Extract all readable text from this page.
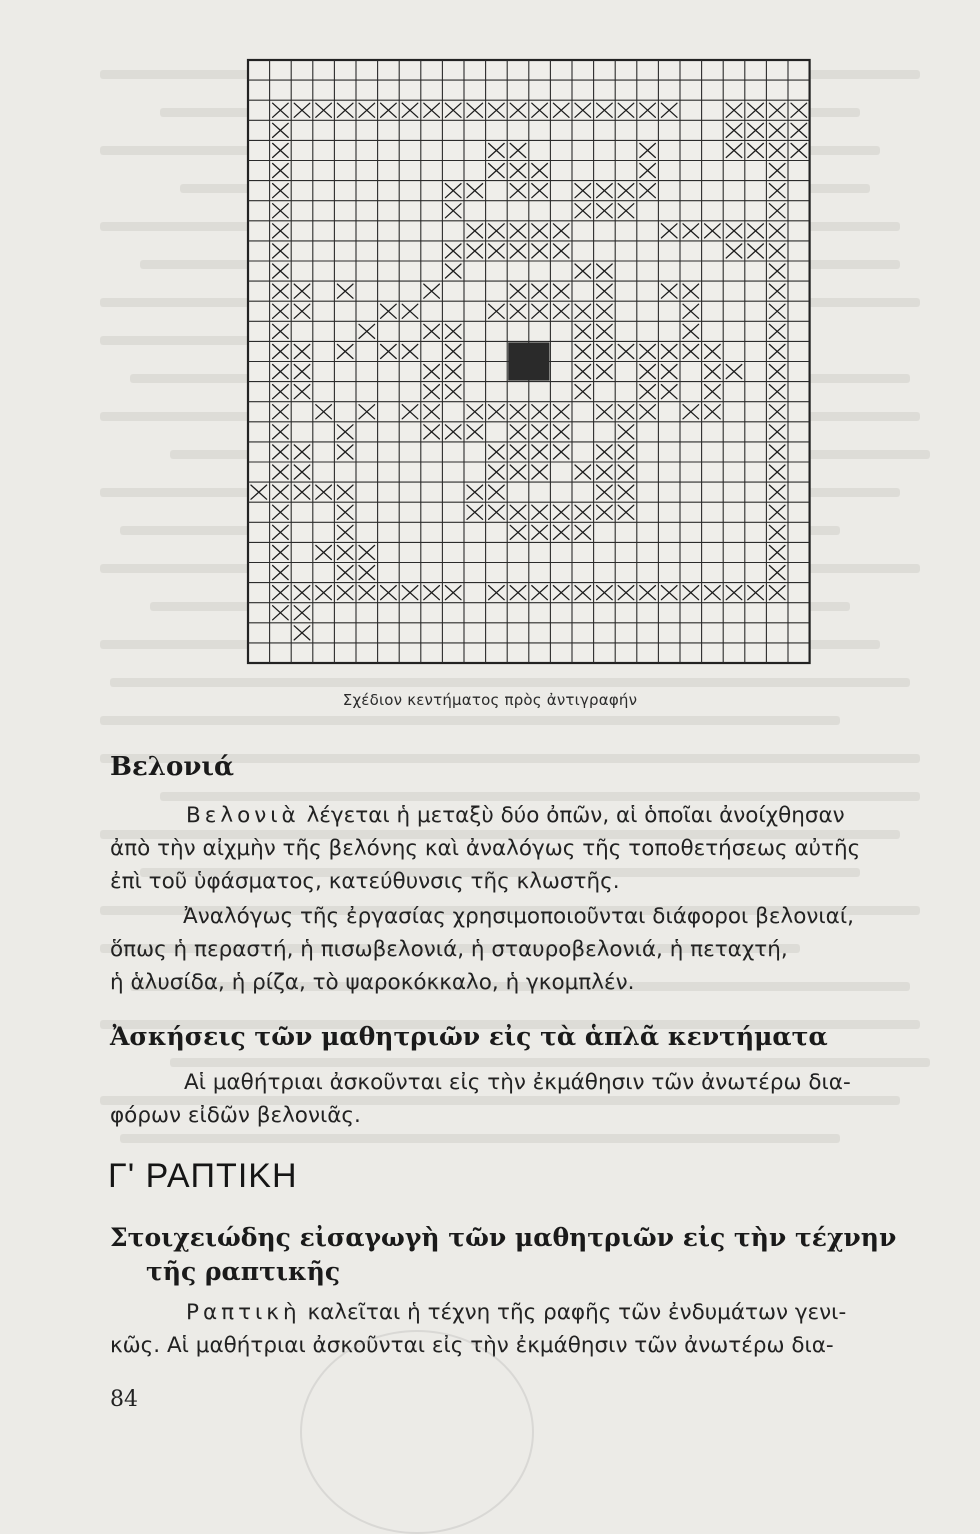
Σχέδιον κεντήματος πρὸς ἀντιγραφήν
Βελονιά
Βελονιὰ λέγεται ἡ μεταξὺ δύο ὀπῶν, αἱ ὁποῖαι ἀνοίχθησαν
ἀπὸ τὴν αἰχμὴν τῆς βελόνης καὶ ἀναλόγως τῆς τοποθετήσεως αὐτῆς
ἐπὶ τοῦ ὑφάσματος, κατεύθυνσις τῆς κλωστῆς.
Ἀναλόγως τῆς ἐργασίας χρησιμοποιοῦνται διάφοροι βελονιαί,
ὅπως ἡ περαστή, ἡ πισωβελονιά, ἡ σταυροβελονιά, ἡ πεταχτή,
ἡ ἁλυσίδα, ἡ ρίζα, τὸ ψαροκόκκαλο, ἡ γκομπλέν.
Ἀσκήσεις τῶν μαθητριῶν εἰς τὰ ἁπλᾶ κεντήματα
Αἱ μαθήτριαι ἀσκοῦνται εἰς τὴν ἐκμάθησιν τῶν ἀνωτέρω δια-
φόρων εἰδῶν βελονιᾶς.
Γ' ΡΑΠΤΙΚΗ
Στοιχειώδης εἰσαγωγὴ τῶν μαθητριῶν εἰς τὴν τέχνην
τῆς ραπτικῆς
Ραπτικὴ καλεῖται ἡ τέχνη τῆς ραφῆς τῶν ἐνδυμάτων γενι-
κῶς. Αἱ μαθήτριαι ἀσκοῦνται εἰς τὴν ἐκμάθησιν τῶν ἀνωτέρω δια-
84
